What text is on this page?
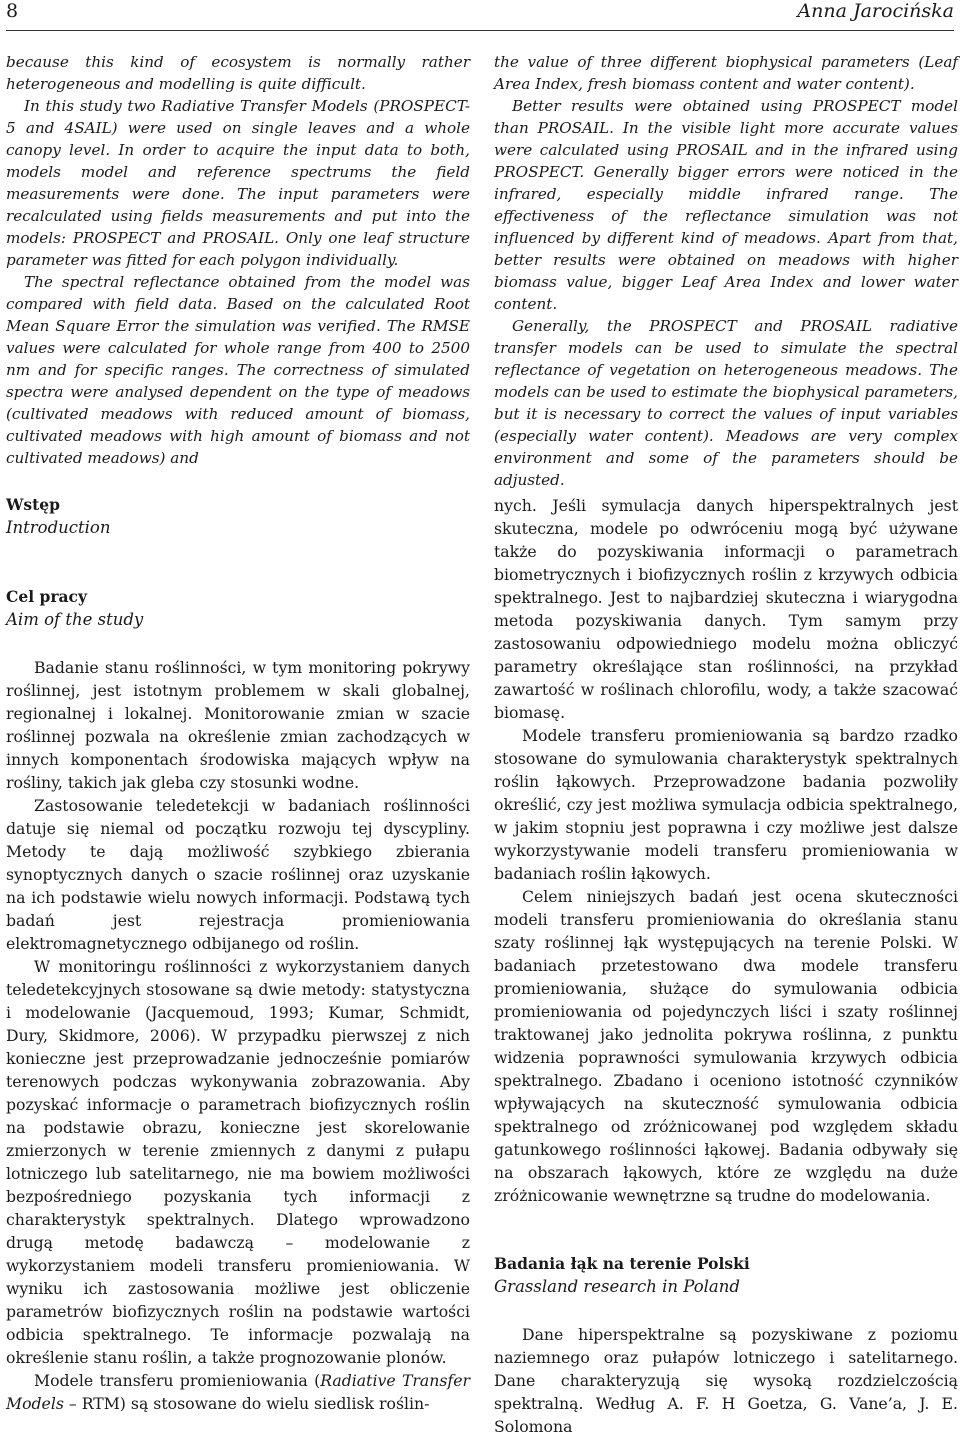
8	Anna Jarocińska

because this kind of ecosystem is normally rather heterogeneous and modelling is quite difficult.

In this study two Radiative Transfer Models (PROSPECT-5 and 4SAIL) were used on single leaves and a whole canopy level. In order to acquire the input data to both, models model and reference spectrums the field measurements were done. The input parameters were recalculated using fields measurements and put into the models: PROSPECT and PROSAIL. Only one leaf structure parameter was fitted for each polygon individually.

The spectral reflectance obtained from the model was compared with field data. Based on the calculated Root Mean Square Error the simulation was verified. The RMSE values were calculated for whole range from 400 to 2500 nm and for specific ranges. The correctness of simulated spectra were analysed dependent on the type of meadows (cultivated meadows with reduced amount of biomass, cultivated meadows with high amount of biomass and not cultivated meadows) and

the value of three different biophysical parameters (Leaf Area Index, fresh biomass content and water content).

Better results were obtained using PROSPECT model than PROSAIL. In the visible light more accurate values were calculated using PROSAIL and in the infrared using PROSPECT. Generally bigger errors were noticed in the infrared, especially middle infrared range. The effectiveness of the reflectance simulation was not influenced by different kind of meadows. Apart from that, better results were obtained on meadows with higher biomass value, bigger Leaf Area Index and lower water content.

Generally, the PROSPECT and PROSAIL radiative transfer models can be used to simulate the spectral reflectance of vegetation on heterogeneous meadows. The models can be used to estimate the biophysical parameters, but it is necessary to correct the values of input variables (especially water content). Meadows are very complex environment and some of the parameters should be adjusted.

Wstęp
Introduction
Cel pracy
Aim of the study

Badanie stanu roślinności, w tym monitoring pokrywy roślinnej, jest istotnym problemem w skali globalnej, regionalnej i lokalnej. Monitorowanie zmian w szacie roślinnej pozwala na określenie zmian zachodzących w innych komponentach środowiska mających wpływ na rośliny, takich jak gleba czy stosunki wodne.

Zastosowanie teledetekcji w badaniach roślinności datuje się niemal od początku rozwoju tej dyscypliny. Metody te dają możliwość szybkiego zbierania synoptycznych danych o szacie roślinnej oraz uzyskanie na ich podstawie wielu nowych informacji. Podstawą tych badań jest rejestracja promieniowania elektromagnetycznego odbijanego od roślin.

W monitoringu roślinności z wykorzystaniem danych teledetekcyjnych stosowane są dwie metody: statystyczna i modelowanie (Jacquemoud, 1993; Kumar, Schmidt, Dury, Skidmore, 2006). W przypadku pierwszej z nich konieczne jest przeprowadzanie jednocześnie pomiarów terenowych podczas wykonywania zobrazowania. Aby pozyskać informacje o parametrach biofizycznych roślin na podstawie obrazu, konieczne jest skorelowanie zmierzonych w terenie zmiennych z danymi z pułapu lotniczego lub satelitarnego, nie ma bowiem możliwości bezpośredniego pozyskania tych informacji z charakterystyk spektralnych. Dlatego wprowadzono drugą metodę badawczą – modelowanie z wykorzystaniem modeli transferu promieniowania. W wyniku ich zastosowania możliwe jest obliczenie parametrów biofizycznych roślin na podstawie wartości odbicia spektralnego. Te informacje pozwalają na określenie stanu roślin, a także prognozowanie plonów.

Modele transferu promieniowania (Radiative Transfer Models – RTM) są stosowane do wielu siedlisk roślin-

nych. Jeśli symulacja danych hiperspektralnych jest skuteczna, modele po odwróceniu mogą być używane także do pozyskiwania informacji o parametrach biometrycznych i biofizycznych roślin z krzywych odbicia spektralnego. Jest to najbardziej skuteczna i wiarygodna metoda pozyskiwania danych. Tym samym przy zastosowaniu odpowiedniego modelu można obliczyć parametry określające stan roślinności, na przykład zawartość w roślinach chlorofilu, wody, a także szacować biomasę.

Modele transferu promieniowania są bardzo rzadko stosowane do symulowania charakterystyk spektralnych roślin łąkowych. Przeprowadzone badania pozwoliły określić, czy jest możliwa symulacja odbicia spektralnego, w jakim stopniu jest poprawna i czy możliwe jest dalsze wykorzystywanie modeli transferu promieniowania w badaniach roślin łąkowych.

Celem niniejszych badań jest ocena skuteczności modeli transferu promieniowania do określania stanu szaty roślinnej łąk występujących na terenie Polski. W badaniach przetestowano dwa modele transferu promieniowania, służące do symulowania odbicia promieniowania od pojedynczych liści i szaty roślinnej traktowanej jako jednolita pokrywa roślinna, z punktu widzenia poprawności symulowania krzywych odbicia spektralnego. Zbadano i oceniono istotność czynników wpływających na skuteczność symulowania odbicia spektralnego od zróżnicowanej pod względem składu gatunkowego roślinności łąkowej. Badania odbywały się na obszarach łąkowych, które ze względu na duże zróżnicowanie wewnętrzne są trudne do modelowania.

Badania łąk na terenie Polski
Grassland research in Poland

Dane hiperspektralne są pozyskiwane z poziomu naziemnego oraz pułapów lotniczego i satelitarnego. Dane charakteryzują się wysoką rozdzielczością spektralną. Według A. F. H Goetza, G. Vane’a, J. E. Solomona
